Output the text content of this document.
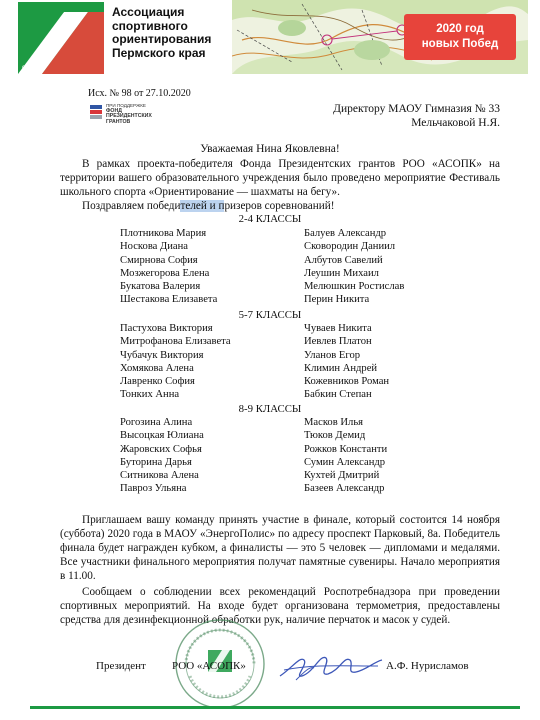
с 1963 г
Ассоциация
спортивного
ориентирования
Пермского края
2020 год
новых Побед
Исх. № 98 от 27.10.2020
ПРИ ПОДДЕРЖКЕ
ФОНД
ПРЕЗИДЕНТСКИХ
ГРАНТОВ
Директору МАОУ Гимназия № 33
Мельчаковой Н.Я.
Уважаемая Нина Яковлевна!
В рамках проекта-победителя Фонда Президентских грантов РОО «АСОПК» на территории вашего образовательного учреждения было проведено мероприятие Фестиваль школьного спорта «Ориентирование — шахматы на бегу».
Поздравляем победителей и призеров соревнований!
2-4 КЛАССЫ
Плотникова Мария
Носкова Диана
Смирнова София
Мозжегорова Елена
Букатова Валерия
Шестакова Елизавета
Балуев Александр
Сковородин Даниил
Албутов Савелий
Леушин Михаил
Мелюшкин Ростислав
Перин Никита
5-7 КЛАССЫ
Пастухова Виктория
Митрофанова Елизавета
Чубачук Виктория
Хомякова Алена
Лавренко София
Тонких Анна
Чуваев Никита
Иевлев Платон
Уланов Егор
Климин Андрей
Кожевников Роман
Бабкин Степан
8-9 КЛАССЫ
Рогозина Алина
Высоцкая Юлиана
Жаровских Софья
Буторина Дарья
Ситникова Алена
Павроз Ульяна
Масков Илья
Тюков Демид
Рожков Константи
Сумин Александр
Кухтей Дмитрий
Базеев Александр
Приглашаем вашу команду принять участие в финале, который состоится 14 ноября (суббота) 2020 года в МАОУ «ЭнергоПолис» по адресу проспект Парковый, 8а. Победитель финала будет награжден кубком, а финалисты — это 5 человек — дипломами и медалями. Все участники финального мероприятия получат памятные сувениры. Начало мероприятия в 11.00.
Сообщаем о соблюдении всех рекомендаций Роспотребнадзора при проведении спортивных мероприятий. На входе будет организована термометрия, предоставлены средства для дезинфекционной обработки рук, наличие перчаток и масок у судей.
Президент РОО «АСОПК»	А.Ф. Нурисламов
